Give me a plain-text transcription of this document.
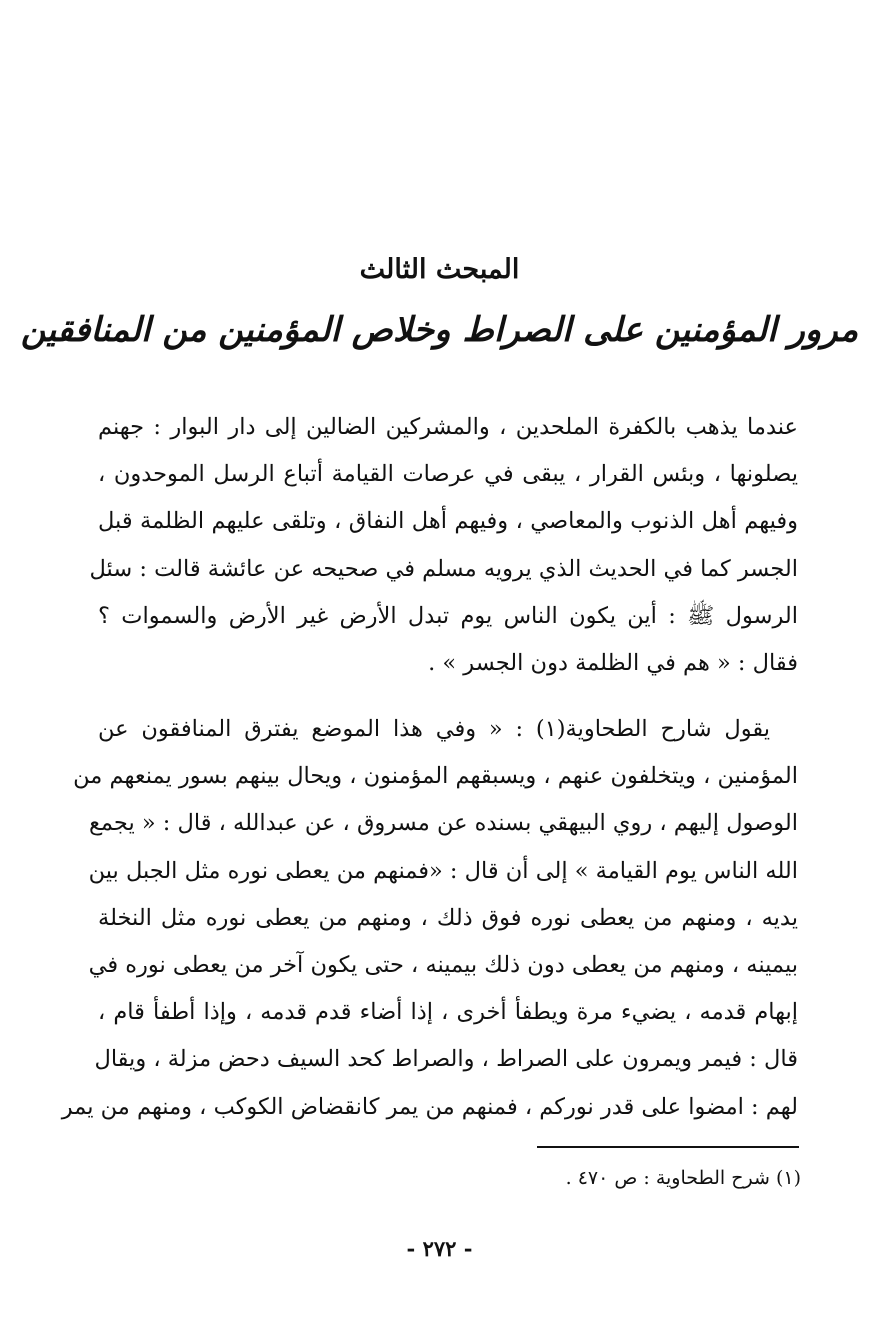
المبحث الثالث
مرور المؤمنين على الصراط وخلاص المؤمنين من المنافقين
عندما يذهب بالكفرة الملحدين ، والمشركين الضالين إلى دار البوار : جهنم
يصلونها ، وبئس القرار ، يبقى في عرصات القيامة أتباع الرسل الموحدون ،
وفيهم أهل الذنوب والمعاصي ، وفيهم أهل النفاق ، وتلقى عليهم الظلمة قبل
الجسر كما في الحديث الذي يرويه مسلم في صحيحه عن عائشة قالت : سئل
الرسول ﷺ : أين يكون الناس يوم تبدل الأرض غير الأرض والسموات ؟
فقال : « هم في الظلمة دون الجسر » .
يقول شارح الطحاوية(١) : « وفي هذا الموضع يفترق المنافقون عن
المؤمنين ، ويتخلفون عنهم ، ويسبقهم المؤمنون ، ويحال بينهم بسور يمنعهم من
الوصول إليهم ، روي البيهقي بسنده عن مسروق ، عن عبدالله ، قال : « يجمع
الله الناس يوم القيامة » إلى أن قال : «فمنهم من يعطى نوره مثل الجبل بين
يديه ، ومنهم من يعطى نوره فوق ذلك ، ومنهم من يعطى نوره مثل النخلة
بيمينه ، ومنهم من يعطى دون ذلك بيمينه ، حتى يكون آخر من يعطى نوره في
إبهام قدمه ، يضيء مرة ويطفأ أخرى ، إذا أضاء قدم قدمه ، وإذا أطفأ قام ،
قال : فيمر ويمرون على الصراط ، والصراط كحد السيف دحض مزلة ، ويقال
لهم : امضوا على قدر نوركم ، فمنهم من يمر كانقضاض الكوكب ، ومنهم من يمر
(١) شرح الطحاوية : ص ٤٧٠ .
- ٢٧٢ -
